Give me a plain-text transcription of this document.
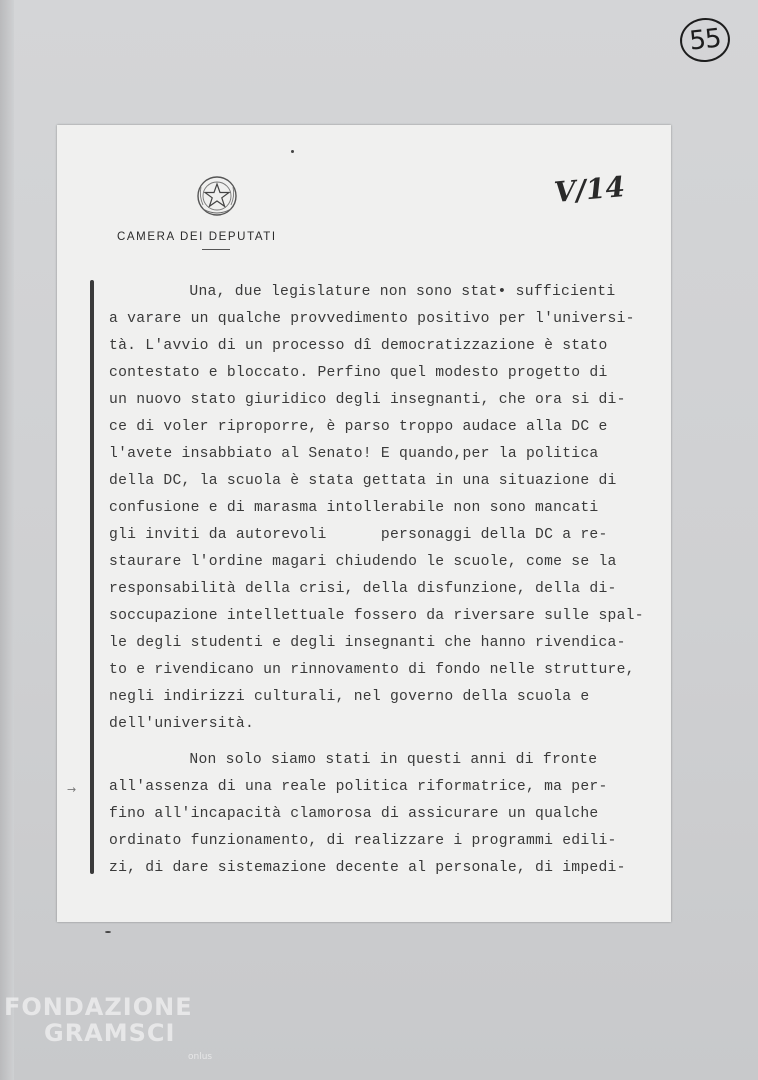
55
CAMERA DEI DEPUTATI
V/14
→
Una, due legislature non sono stat• sufficienti
a varare un qualche provvedimento positivo per l'universi-
tà. L'avvio di un processo dî democratizzazione è stato
contestato e bloccato. Perfino quel modesto progetto di
un nuovo stato giuridico degli insegnanti, che ora si di-
ce di voler riproporre, è parso troppo audace alla DC e
l'avete insabbiato al Senato! E quando,per la politica
della DC, la scuola è stata gettata in una situazione di
confusione e di marasma intollerabile non sono mancati
gli inviti da autorevoli      personaggi della DC a re-
staurare l'ordine magari chiudendo le scuole, come se la
responsabilità della crisi, della disfunzione, della di-
soccupazione intellettuale fossero da riversare sulle spal-
le degli studenti e degli insegnanti che hanno rivendica-
to e rivendicano un rinnovamento di fondo nelle strutture,
negli indirizzi culturali, nel governo della scuola e
dell'università.
Non solo siamo stati in questi anni di fronte
all'assenza di una reale politica riformatrice, ma per-
fino all'incapacità clamorosa di assicurare un qualche
ordinato funzionamento, di realizzare i programmi edili-
zi, di dare sistemazione decente al personale, di impedi-
FONDAZIONE
GRAMSCI
onlus
